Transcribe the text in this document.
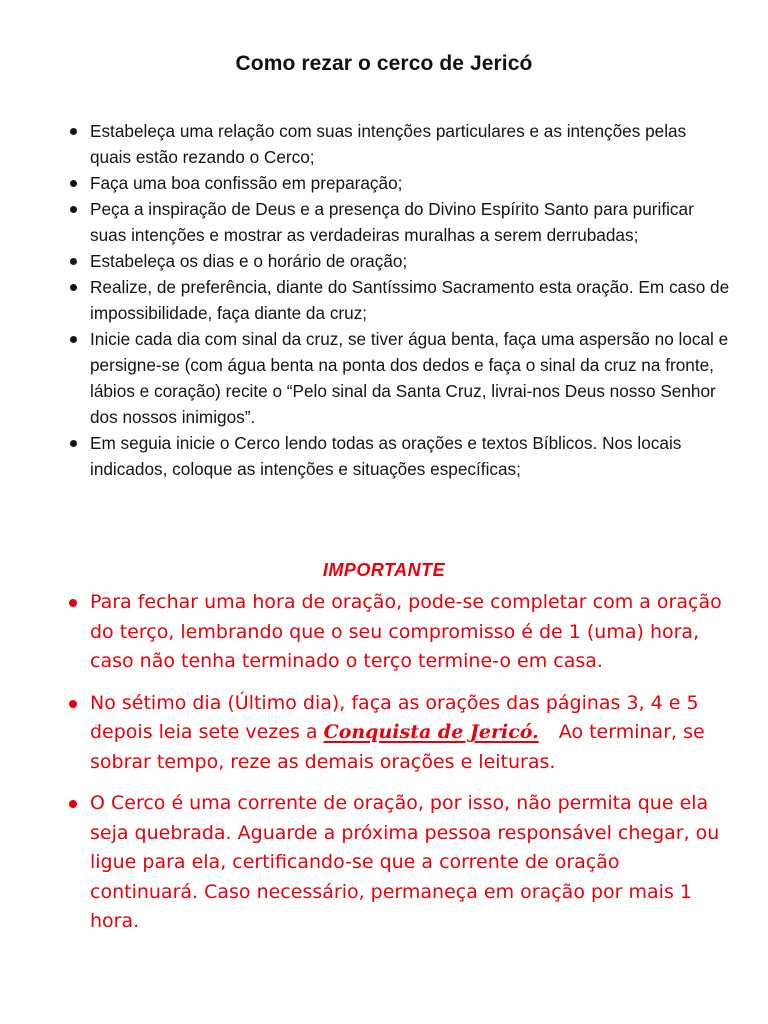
Como rezar o cerco de Jericó
Estabeleça uma relação com suas intenções particulares e as intenções pelas quais estão rezando o Cerco;
Faça uma boa confissão em preparação;
Peça a inspiração de Deus e a presença do Divino Espírito Santo para purificar suas intenções e mostrar as verdadeiras muralhas a serem derrubadas;
Estabeleça os dias e o horário de oração;
Realize, de preferência, diante do Santíssimo Sacramento esta oração. Em caso de impossibilidade, faça diante da cruz;
Inicie cada dia com sinal da cruz, se tiver água benta, faça uma aspersão no local e persigne-se (com água benta na ponta dos dedos e faça o sinal da cruz na fronte, lábios e coração) recite o “Pelo sinal da Santa Cruz, livrai-nos Deus nosso Senhor dos nossos inimigos”.
Em seguia inicie o Cerco lendo todas as orações e textos Bíblicos. Nos locais indicados, coloque as intenções e situações específicas;
IMPORTANTE
Para fechar uma hora de oração, pode-se completar com a oração do terço, lembrando que o seu compromisso é de 1 (uma) hora, caso não tenha terminado o terço termine-o em casa.
No sétimo dia (Último dia), faça as orações das páginas 3, 4 e 5 depois leia sete vezes a Conquista de Jericó. Ao terminar, se sobrar tempo, reze as demais orações e leituras.
O Cerco é uma corrente de oração, por isso, não permita que ela seja quebrada. Aguarde a próxima pessoa responsável chegar, ou ligue para ela, certificando-se que a corrente de oração continuará. Caso necessário, permaneça em oração por mais 1 hora.
